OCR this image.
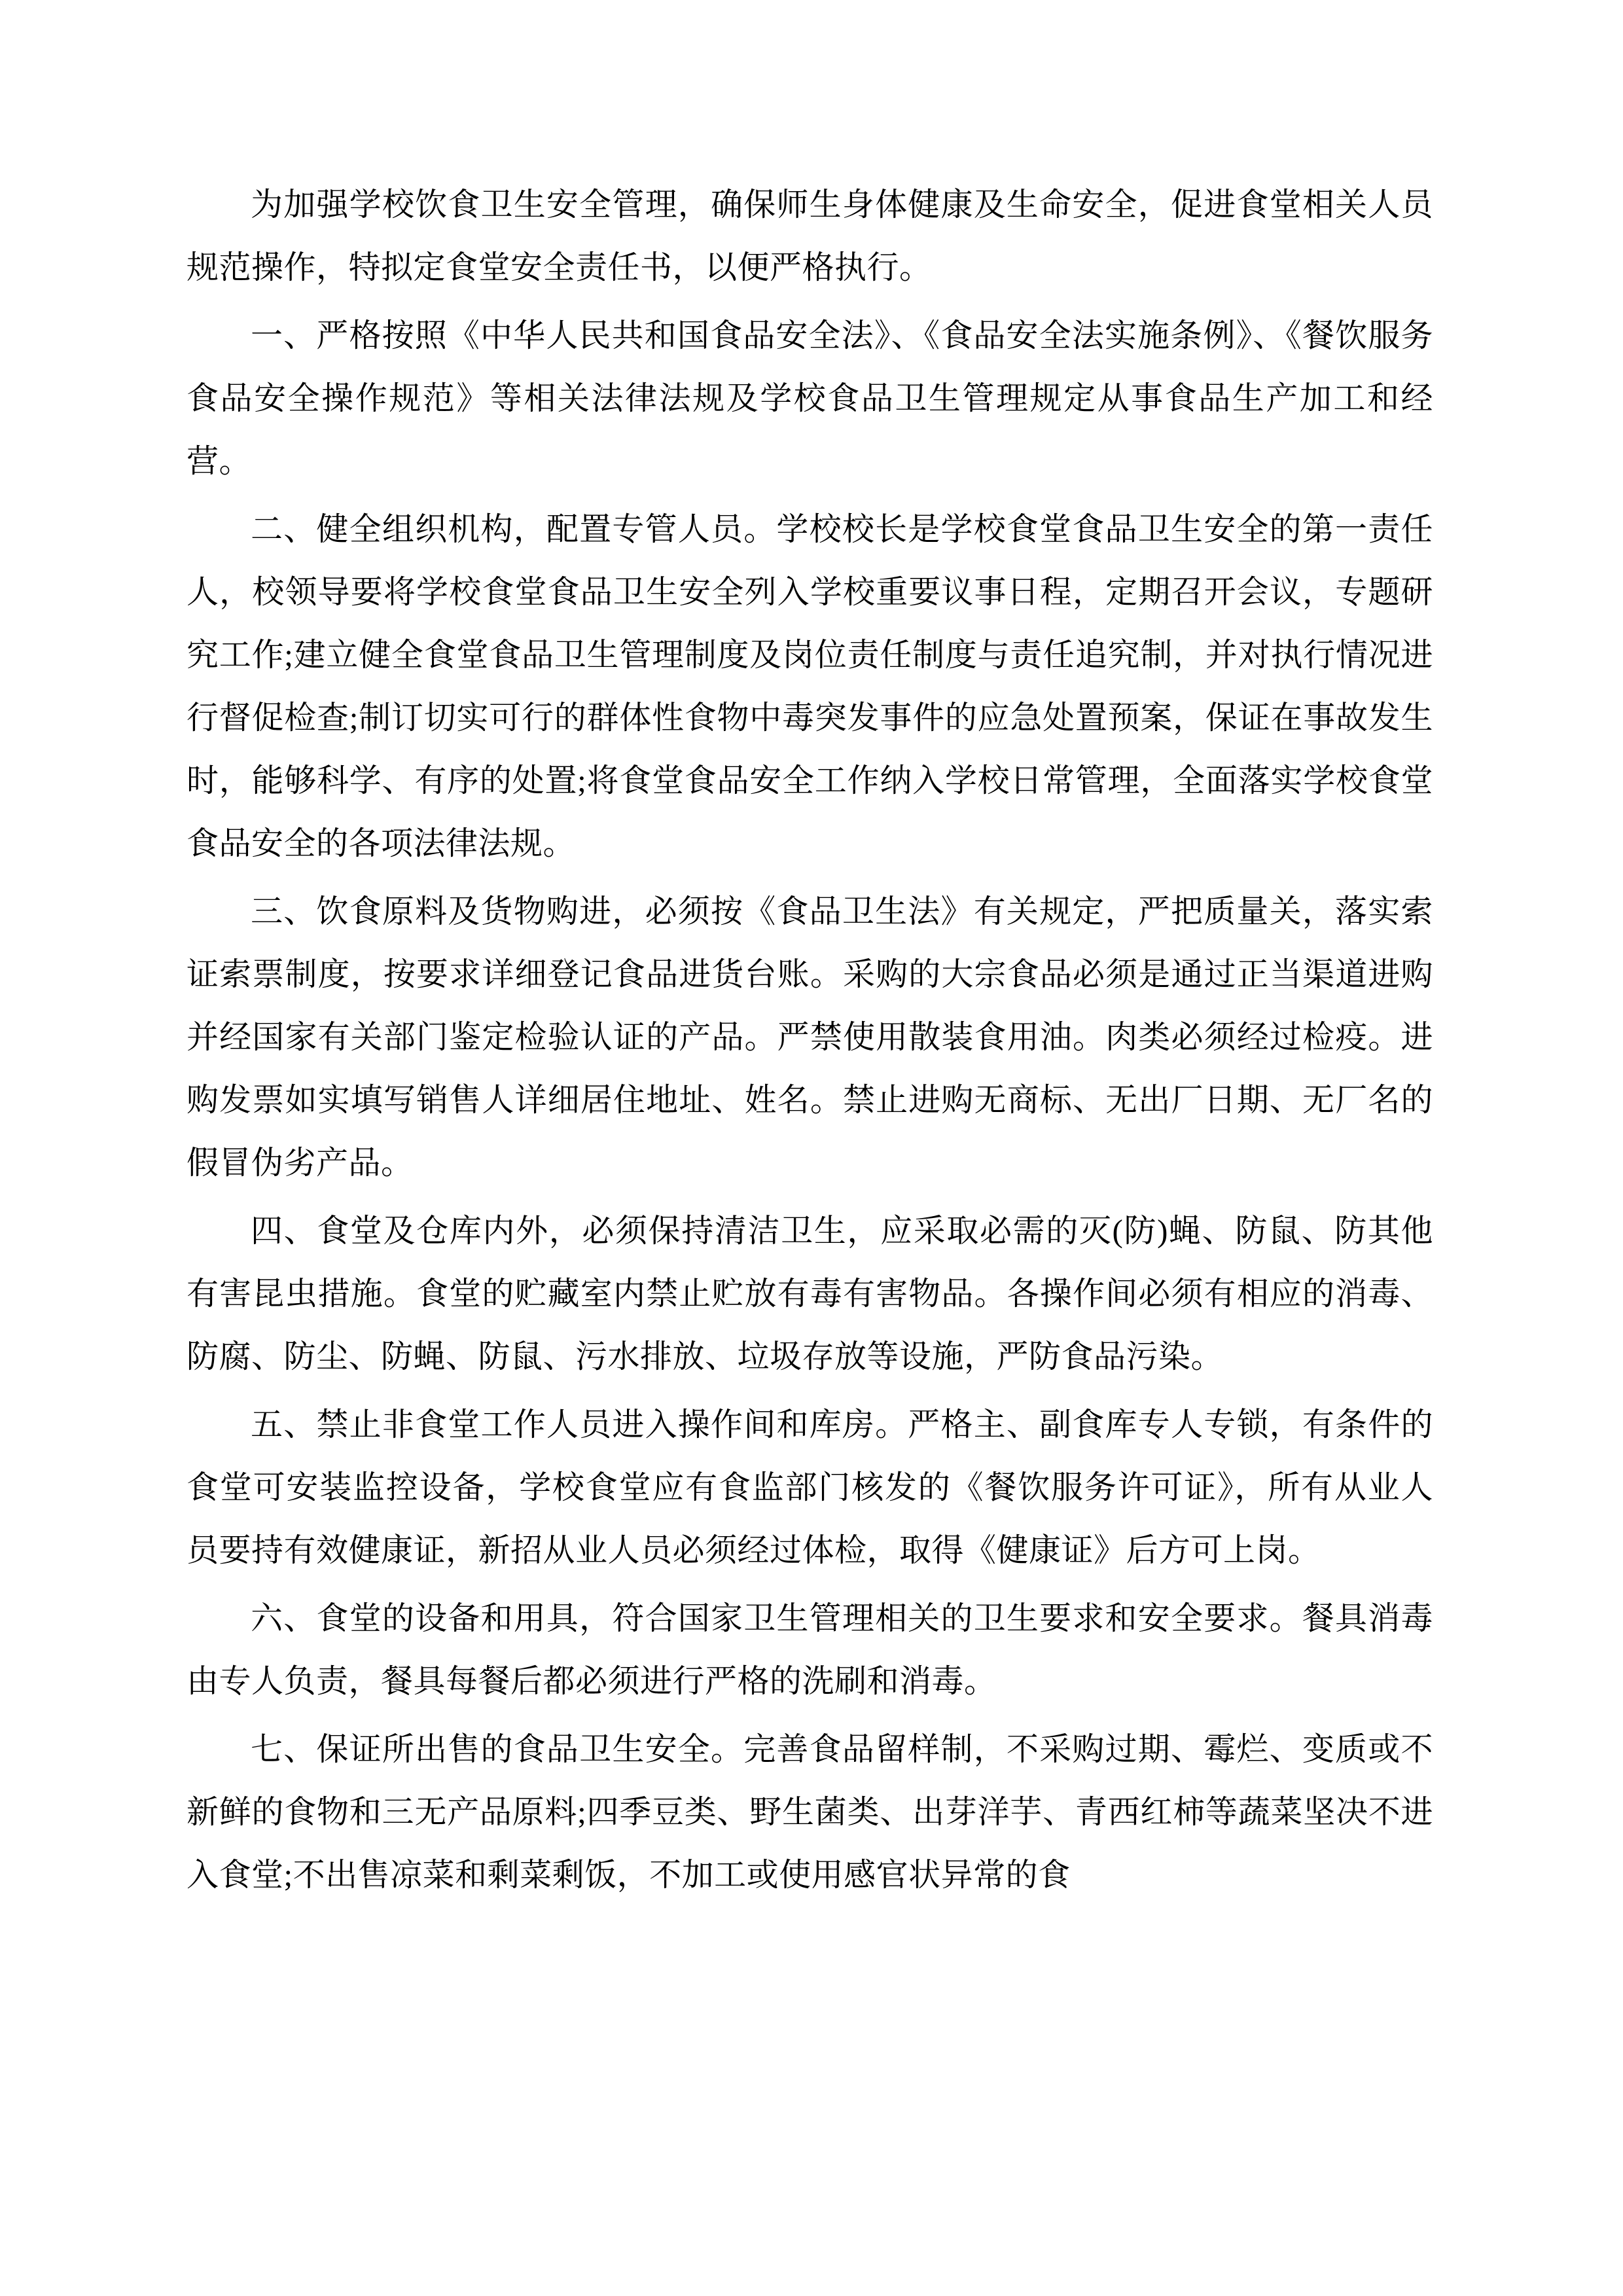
为加强学校饮食卫生安全管理，确保师生身体健康及生命安全，促进食堂相关人员规范操作，特拟定食堂安全责任书，以便严格执行。

一、严格按照《中华人民共和国食品安全法》、《食品安全法实施条例》、《餐饮服务食品安全操作规范》等相关法律法规及学校食品卫生管理规定从事食品生产加工和经营。

二、健全组织机构，配置专管人员。学校校长是学校食堂食品卫生安全的第一责任人，校领导要将学校食堂食品卫生安全列入学校重要议事日程，定期召开会议，专题研究工作;建立健全食堂食品卫生管理制度及岗位责任制度与责任追究制，并对执行情况进行督促检查;制订切实可行的群体性食物中毒突发事件的应急处置预案，保证在事故发生时，能够科学、有序的处置;将食堂食品安全工作纳入学校日常管理，全面落实学校食堂食品安全的各项法律法规。

三、饮食原料及货物购进，必须按《食品卫生法》有关规定，严把质量关，落实索证索票制度，按要求详细登记食品进货台账。采购的大宗食品必须是通过正当渠道进购并经国家有关部门鉴定检验认证的产品。严禁使用散装食用油。肉类必须经过检疫。进购发票如实填写销售人详细居住地址、姓名。禁止进购无商标、无出厂日期、无厂名的假冒伪劣产品。

四、食堂及仓库内外，必须保持清洁卫生，应采取必需的灭(防)蝇、防鼠、防其他有害昆虫措施。食堂的贮藏室内禁止贮放有毒有害物品。各操作间必须有相应的消毒、防腐、防尘、防蝇、防鼠、污水排放、垃圾存放等设施，严防食品污染。

五、禁止非食堂工作人员进入操作间和库房。严格主、副食库专人专锁，有条件的食堂可安装监控设备，学校食堂应有食监部门核发的《餐饮服务许可证》，所有从业人员要持有效健康证，新招从业人员必须经过体检，取得《健康证》后方可上岗。

六、食堂的设备和用具，符合国家卫生管理相关的卫生要求和安全要求。餐具消毒由专人负责，餐具每餐后都必须进行严格的洗刷和消毒。

七、保证所出售的食品卫生安全。完善食品留样制，不采购过期、霉烂、变质或不新鲜的食物和三无产品原料;四季豆类、野生菌类、出芽洋芋、青西红柿等蔬菜坚决不进入食堂;不出售凉菜和剩菜剩饭，不加工或使用感官状异常的食
